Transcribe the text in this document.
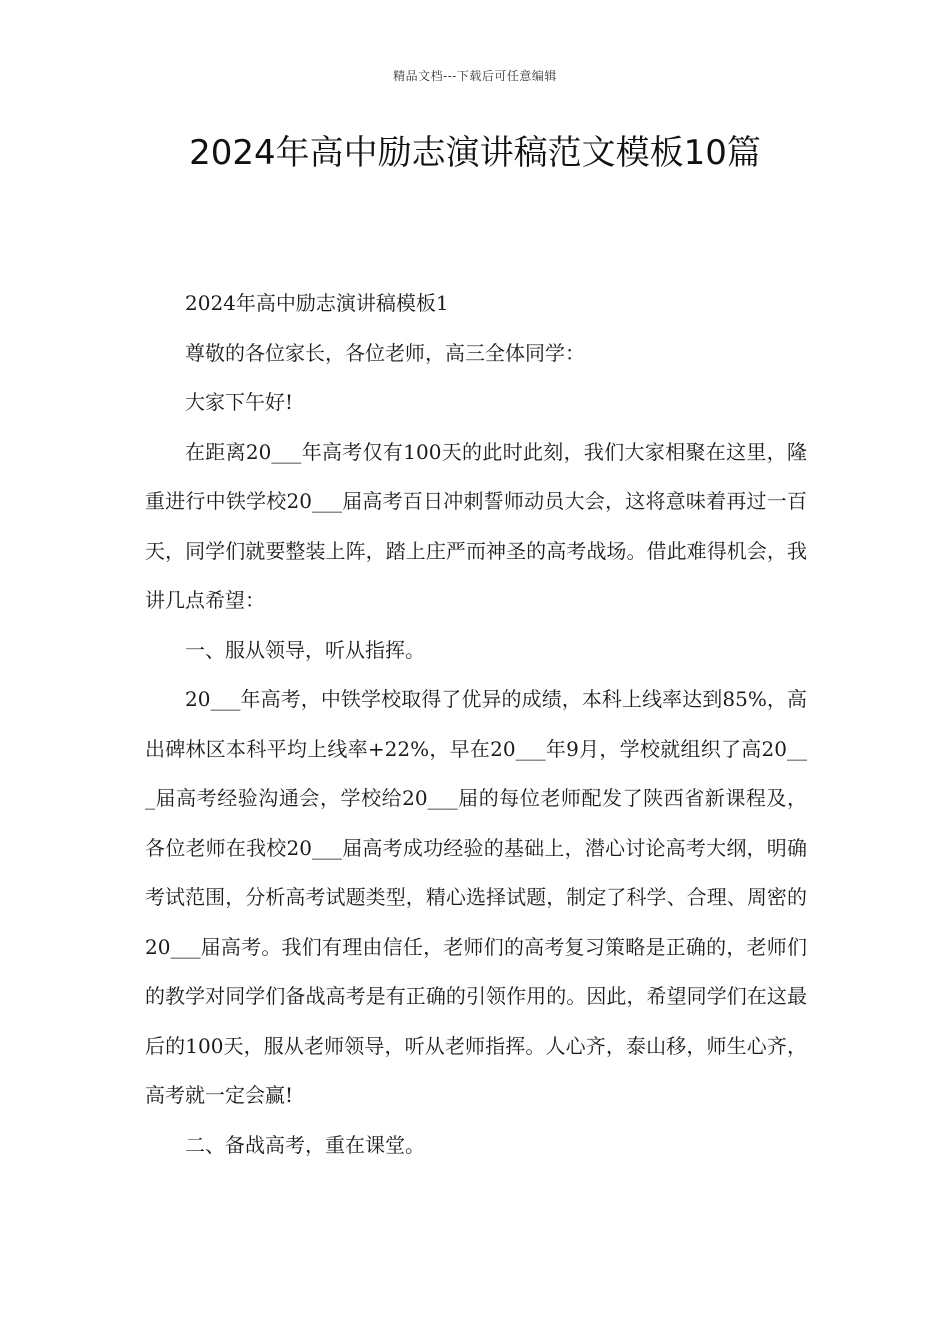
精品文档---下载后可任意编辑
2024年高中励志演讲稿范文模板10篇

2024年高中励志演讲稿模板1

尊敬的各位家长，各位老师，高三全体同学：

大家下午好!

在距离20___年高考仅有100天的此时此刻，我们大家相聚在这里，隆重进行中铁学校20___届高考百日冲刺誓师动员大会，这将意味着再过一百天，同学们就要整装上阵，踏上庄严而神圣的高考战场。借此难得机会，我讲几点希望：

一、服从领导，听从指挥。

20___年高考，中铁学校取得了优异的成绩，本科上线率达到85%，高出碑林区本科平均上线率+22%，早在20___年9月，学校就组织了高20___届高考经验沟通会，学校给20___届的每位老师配发了陕西省新课程及，各位老师在我校20___届高考成功经验的基础上，潜心讨论高考大纲，明确考试范围，分析高考试题类型，精心选择试题，制定了科学、合理、周密的20___届高考。我们有理由信任，老师们的高考复习策略是正确的，老师们的教学对同学们备战高考是有正确的引领作用的。因此，希望同学们在这最后的100天，服从老师领导，听从老师指挥。人心齐，泰山移，师生心齐，高考就一定会赢!

二、备战高考，重在课堂。
